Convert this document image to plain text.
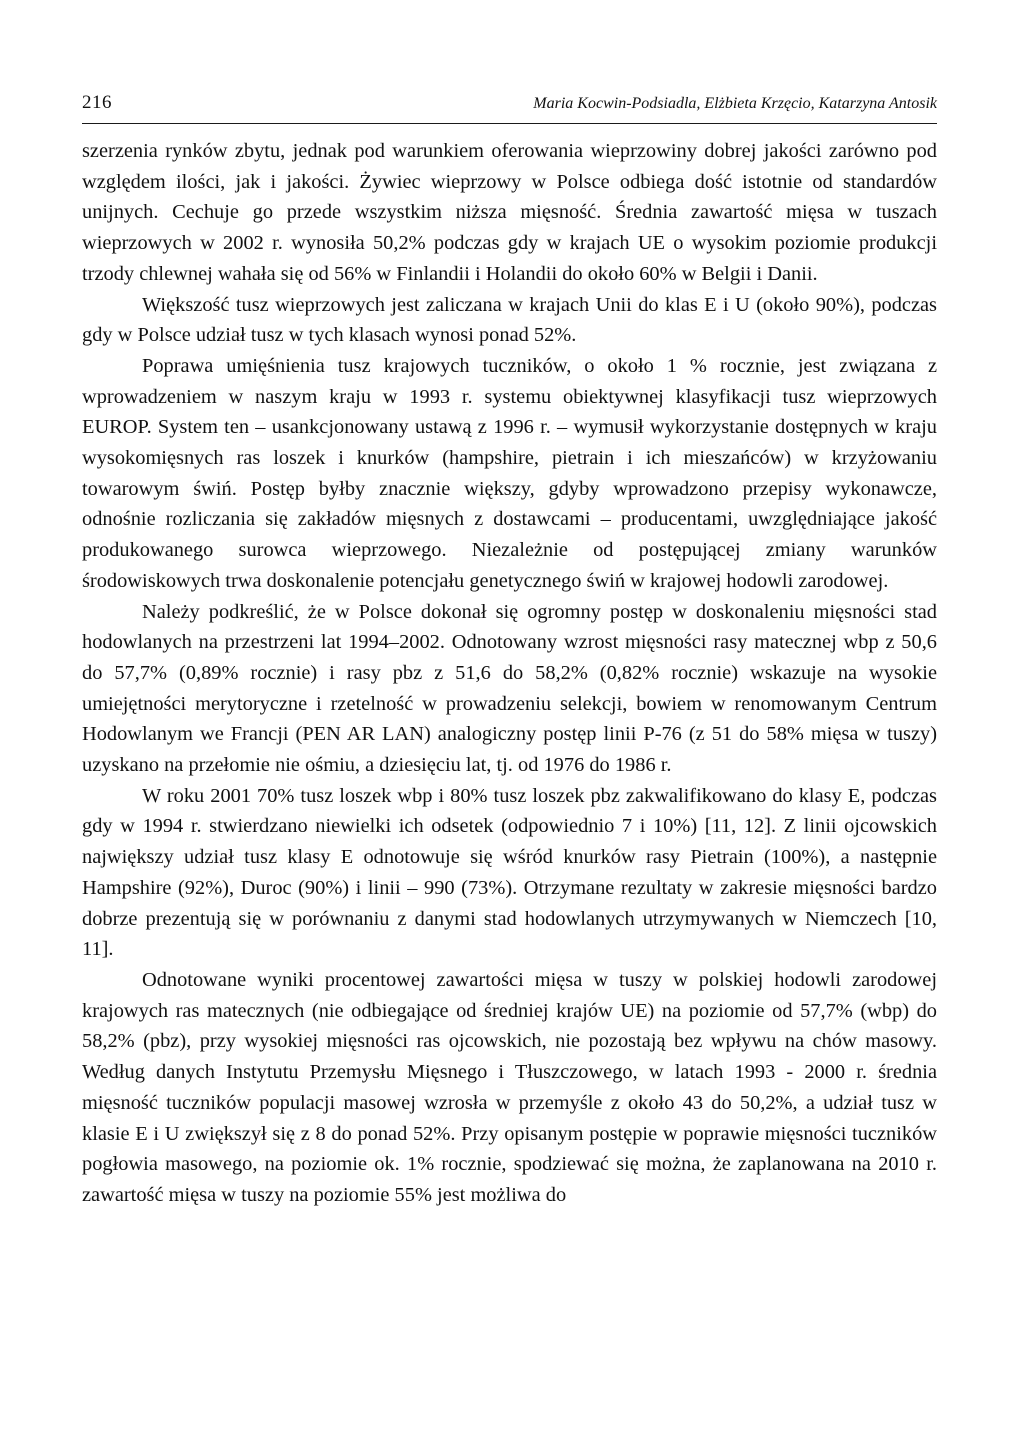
216	Maria Kocwin-Podsiadla, Elżbieta Krzęcio, Katarzyna Antosik

szerzenia rynków zbytu, jednak pod warunkiem oferowania wieprzowiny dobrej jakości zarówno pod względem ilości, jak i jakości. Żywiec wieprzowy w Polsce odbiega dość istotnie od standardów unijnych. Cechuje go przede wszystkim niższa mięsność. Średnia zawartość mięsa w tuszach wieprzowych w 2002 r. wynosiła 50,2% podczas gdy w krajach UE o wysokim poziomie produkcji trzody chlewnej wahała się od 56% w Finlandii i Holandii do około 60% w Belgii i Danii.

Większość tusz wieprzowych jest zaliczana w krajach Unii do klas E i U (około 90%), podczas gdy w Polsce udział tusz w tych klasach wynosi ponad 52%.

Poprawa umięśnienia tusz krajowych tuczników, o około 1 % rocznie, jest związana z wprowadzeniem w naszym kraju w 1993 r. systemu obiektywnej klasyfikacji tusz wieprzowych EUROP. System ten – usankcjonowany ustawą z 1996 r. – wymusił wykorzystanie dostępnych w kraju wysokomięsnych ras loszek i knurków (hampshire, pietrain i ich mieszańców) w krzyżowaniu towarowym świń. Postęp byłby znacznie większy, gdyby wprowadzono przepisy wykonawcze, odnośnie rozliczania się zakładów mięsnych z dostawcami – producentami, uwzględniające jakość produkowanego surowca wieprzowego. Niezależnie od postępującej zmiany warunków środowiskowych trwa doskonalenie potencjału genetycznego świń w krajowej hodowli zarodowej.

Należy podkreślić, że w Polsce dokonał się ogromny postęp w doskonaleniu mięsności stad hodowlanych na przestrzeni lat 1994–2002. Odnotowany wzrost mięsności rasy matecznej wbp z 50,6 do 57,7% (0,89% rocznie) i rasy pbz z 51,6 do 58,2% (0,82% rocznie) wskazuje na wysokie umiejętności merytoryczne i rzetelność w prowadzeniu selekcji, bowiem w renomowanym Centrum Hodowlanym we Francji (PEN AR LAN) analogiczny postęp linii P-76 (z 51 do 58% mięsa w tuszy) uzyskano na przełomie nie ośmiu, a dziesięciu lat, tj. od 1976 do 1986 r.

W roku 2001 70% tusz loszek wbp i 80% tusz loszek pbz zakwalifikowano do klasy E, podczas gdy w 1994 r. stwierdzano niewielki ich odsetek (odpowiednio 7 i 10%) [11, 12]. Z linii ojcowskich największy udział tusz klasy E odnotowuje się wśród knurków rasy Pietrain (100%), a następnie Hampshire (92%), Duroc (90%) i linii – 990 (73%). Otrzymane rezultaty w zakresie mięsności bardzo dobrze prezentują się w porównaniu z danymi stad hodowlanych utrzymywanych w Niemczech [10, 11].

Odnotowane wyniki procentowej zawartości mięsa w tuszy w polskiej hodowli zarodowej krajowych ras matecznych (nie odbiegające od średniej krajów UE) na poziomie od 57,7% (wbp) do 58,2% (pbz), przy wysokiej mięsności ras ojcowskich, nie pozostają bez wpływu na chów masowy. Według danych Instytutu Przemysłu Mięsnego i Tłuszczowego, w latach 1993 - 2000 r. średnia mięsność tuczników populacji masowej wzrosła w przemyśle z około 43 do 50,2%, a udział tusz w klasie E i U zwiększył się z 8 do ponad 52%. Przy opisanym postępie w poprawie mięsności tuczników pogłowia masowego, na poziomie ok. 1% rocznie, spodziewać się można, że zaplanowana na 2010 r. zawartość mięsa w tuszy na poziomie 55% jest możliwa do
